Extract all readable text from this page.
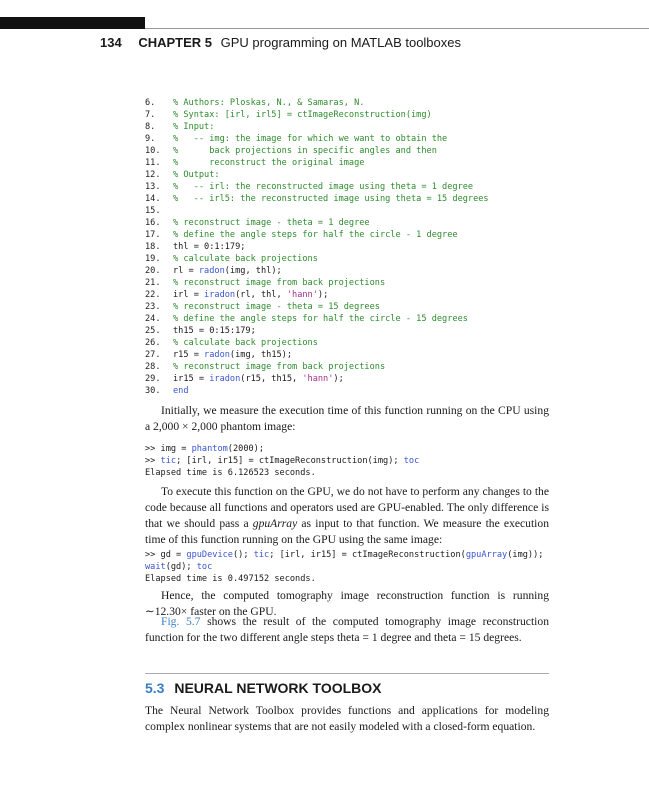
134 CHAPTER 5 GPU programming on MATLAB toolboxes
6. % Authors: Ploskas, N., & Samaras, N.
7. % Syntax: [irl, irl5] = ctImageReconstruction(img)
8. % Input:
9. %   -- img: the image for which we want to obtain the
10. %      back projections in specific angles and then
11. %      reconstruct the original image
12. % Output:
13. %   -- irl: the reconstructed image using theta = 1 degree
14. %   -- irl5: the reconstructed image using theta = 15 degrees
15.
16. % reconstruct image - theta = 1 degree
17. % define the angle steps for half the circle - 1 degree
18. thl = 0:1:179;
19. % calculate back projections
20. rl = radon(img, thl);
21. % reconstruct image from back projections
22. irl = iradon(rl, thl, 'hann');
23. % reconstruct image - theta = 15 degrees
24. % define the angle steps for half the circle - 15 degrees
25. th15 = 0:15:179;
26. % calculate back projections
27. r15 = radon(img, th15);
28. % reconstruct image from back projections
29. ir15 = iradon(r15, th15, 'hann');
30. end

Initially, we measure the execution time of this function running on the CPU using a 2,000 × 2,000 phantom image:

>> img = phantom(2000);
>> tic; [irl, ir15] = ctImageReconstruction(img); toc
Elapsed time is 6.126523 seconds.

To execute this function on the GPU, we do not have to perform any changes to the code because all functions and operators used are GPU-enabled. The only difference is that we should pass a gpuArray as input to that function. We measure the execution time of this function running on the GPU using the same image:

>> gd = gpuDevice(); tic; [irl, ir15] = ctImageReconstruction(gpuArray(img));
wait(gd); toc
Elapsed time is 0.497152 seconds.

Hence, the computed tomography image reconstruction function is running ∼12.30× faster on the GPU.

Fig. 5.7 shows the result of the computed tomography image reconstruction function for the two different angle steps theta = 1 degree and theta = 15 degrees.

5.3 NEURAL NETWORK TOOLBOX

The Neural Network Toolbox provides functions and applications for modeling complex nonlinear systems that are not easily modeled with a closed-form equation.
